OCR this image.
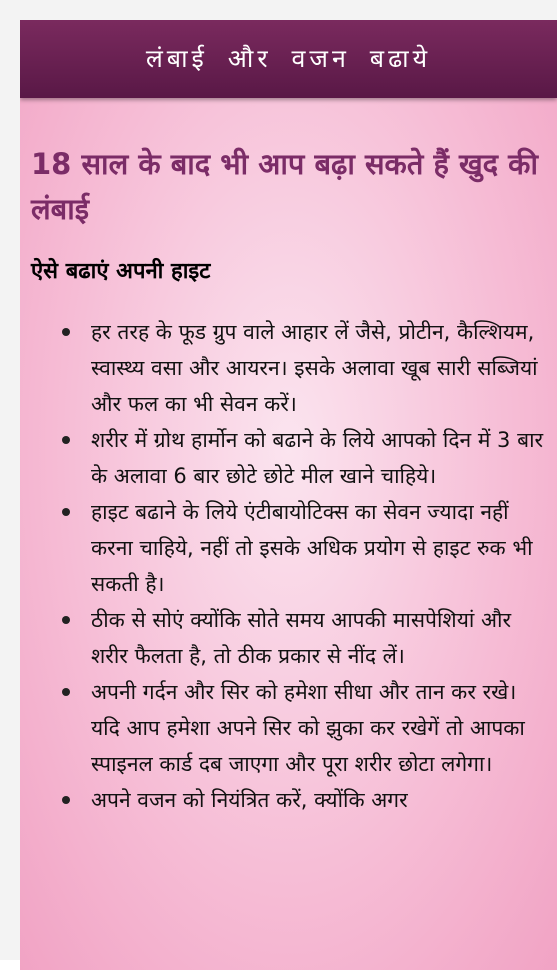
लंबाई और वजन बढाये
18 साल के बाद भी आप बढ़ा सकते हैं खुद की लंबाई
ऐसे बढाएं अपनी हाइट
हर तरह के फूड ग्रुप वाले आहार लें जैसे, प्रोटीन, कैल्शियम, स्वास्थ्य वसा और आयरन। इसके अलावा खूब सारी सब्जियां और फल का भी सेवन करें।
शरीर में ग्रोथ हार्मोन को बढाने के लिये आपको दिन में 3 बार के अलावा 6 बार छोटे छोटे मील खाने चाहिये।
हाइट बढाने के लिये एंटीबायोटिक्स का सेवन ज्यादा नहीं करना चाहिये, नहीं तो इसके अधिक प्रयोग से हाइट रुक भी सकती है।
ठीक से सोएं क्योंकि सोते समय आपकी मासपेशियां और शरीर फैलता है, तो ठीक प्रकार से नींद लें।
अपनी गर्दन और सिर को हमेशा सीधा और तान कर रखे। यदि आप हमेशा अपने सिर को झुका कर रखेगें तो आपका स्पाइनल कार्ड दब जाएगा और पूरा शरीर छोटा लगेगा।
अपने वजन को नियंत्रित करें, क्योंकि अगर
